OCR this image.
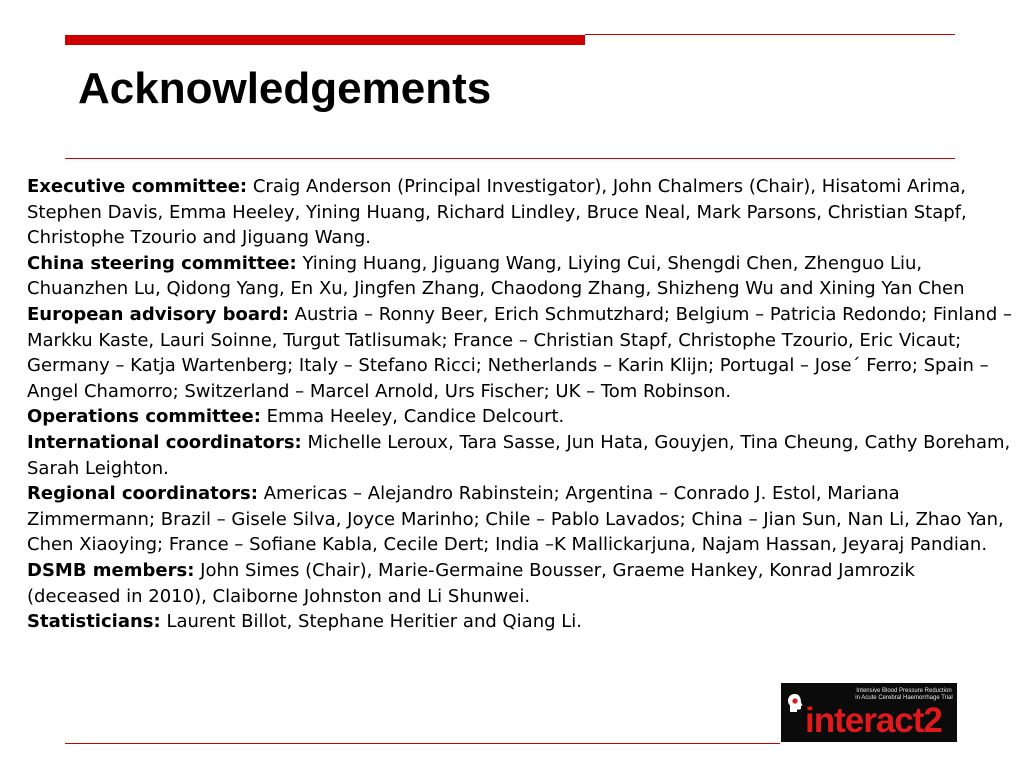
Acknowledgements

Executive committee: Craig Anderson (Principal Investigator), John Chalmers (Chair), Hisatomi Arima, Stephen Davis, Emma Heeley, Yining Huang, Richard Lindley, Bruce Neal, Mark Parsons, Christian Stapf, Christophe Tzourio and Jiguang Wang.

China steering committee: Yining Huang, Jiguang Wang, Liying Cui, Shengdi Chen, Zhenguo Liu, Chuanzhen Lu, Qidong Yang, En Xu, Jingfen Zhang, Chaodong Zhang, Shizheng Wu and Xining Yan Chen

European advisory board: Austria – Ronny Beer, Erich Schmutzhard; Belgium – Patricia Redondo; Finland – Markku Kaste, Lauri Soinne, Turgut Tatlisumak; France – Christian Stapf, Christophe Tzourio, Eric Vicaut; Germany – Katja Wartenberg; Italy – Stefano Ricci; Netherlands – Karin Klijn; Portugal – Jose´ Ferro; Spain – Angel Chamorro; Switzerland – Marcel Arnold, Urs Fischer; UK – Tom Robinson.

Operations committee: Emma Heeley, Candice Delcourt.

International coordinators: Michelle Leroux, Tara Sasse, Jun Hata, Gouyjen, Tina Cheung, Cathy Boreham, Sarah Leighton.

Regional coordinators: Americas – Alejandro Rabinstein; Argentina – Conrado J. Estol, Mariana Zimmermann; Brazil – Gisele Silva, Joyce Marinho; Chile – Pablo Lavados; China – Jian Sun, Nan Li, Zhao Yan, Chen Xiaoying; France – Sofiane Kabla, Cecile Dert; India –K Mallickarjuna, Najam Hassan, Jeyaraj Pandian.

DSMB members: John Simes (Chair), Marie-Germaine Bousser, Graeme Hankey, Konrad Jamrozik (deceased in 2010), Claiborne Johnston and Li Shunwei.

Statisticians: Laurent Billot, Stephane Heritier and Qiang Li.

Intensive Blood Pressure Reduction in Acute Cerebral Haemorrhage Trial
interact2
